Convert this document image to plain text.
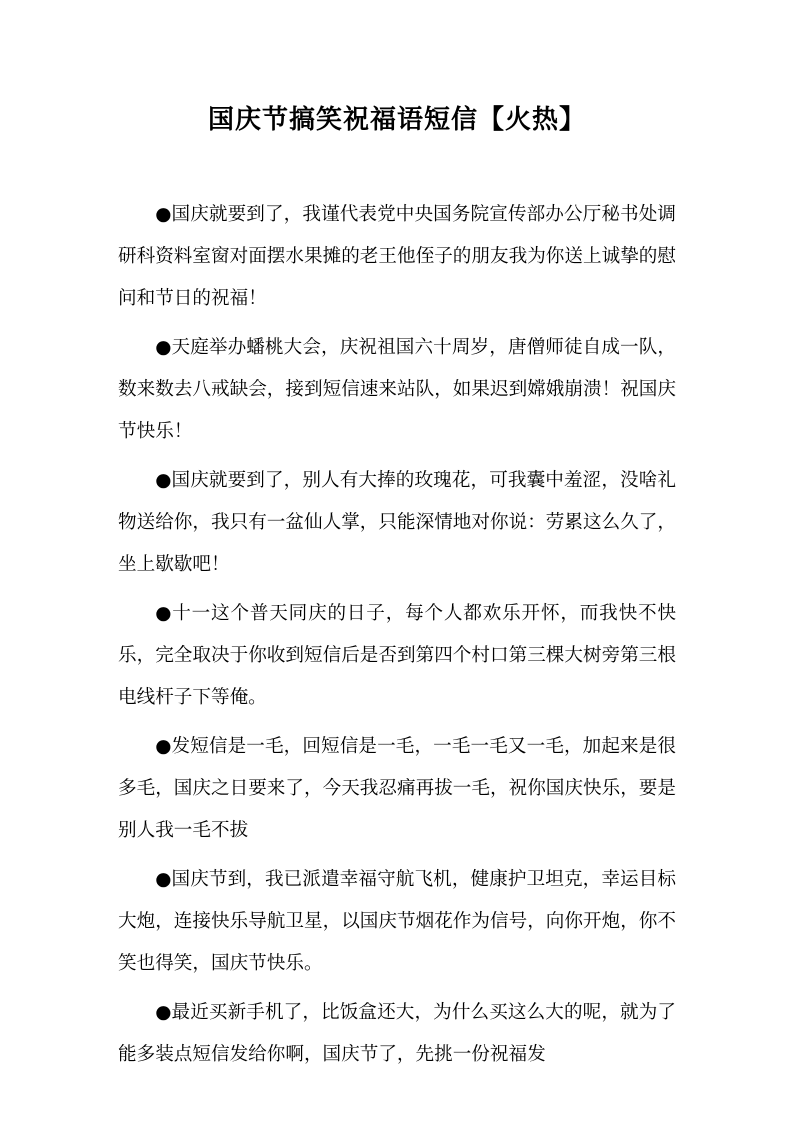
国庆节搞笑祝福语短信【火热】

●国庆就要到了，我谨代表党中央国务院宣传部办公厅秘书处调研科资料室窗对面摆水果摊的老王他侄子的朋友我为你送上诚挚的慰问和节日的祝福！

●天庭举办蟠桃大会，庆祝祖国六十周岁，唐僧师徒自成一队，数来数去八戒缺会，接到短信速来站队，如果迟到嫦娥崩溃！祝国庆节快乐！

●国庆就要到了，别人有大捧的玫瑰花，可我囊中羞涩，没啥礼物送给你，我只有一盆仙人掌，只能深情地对你说：劳累这么久了，坐上歇歇吧！

●十一这个普天同庆的日子，每个人都欢乐开怀，而我快不快乐，完全取决于你收到短信后是否到第四个村口第三棵大树旁第三根电线杆子下等俺。

●发短信是一毛，回短信是一毛，一毛一毛又一毛，加起来是很多毛，国庆之日要来了，今天我忍痛再拔一毛，祝你国庆快乐，要是别人我一毛不拔

●国庆节到，我已派遣幸福守航飞机，健康护卫坦克，幸运目标大炮，连接快乐导航卫星，以国庆节烟花作为信号，向你开炮，你不笑也得笑，国庆节快乐。

●最近买新手机了，比饭盒还大，为什么买这么大的呢，就为了能多装点短信发给你啊，国庆节了，先挑一份祝福发
